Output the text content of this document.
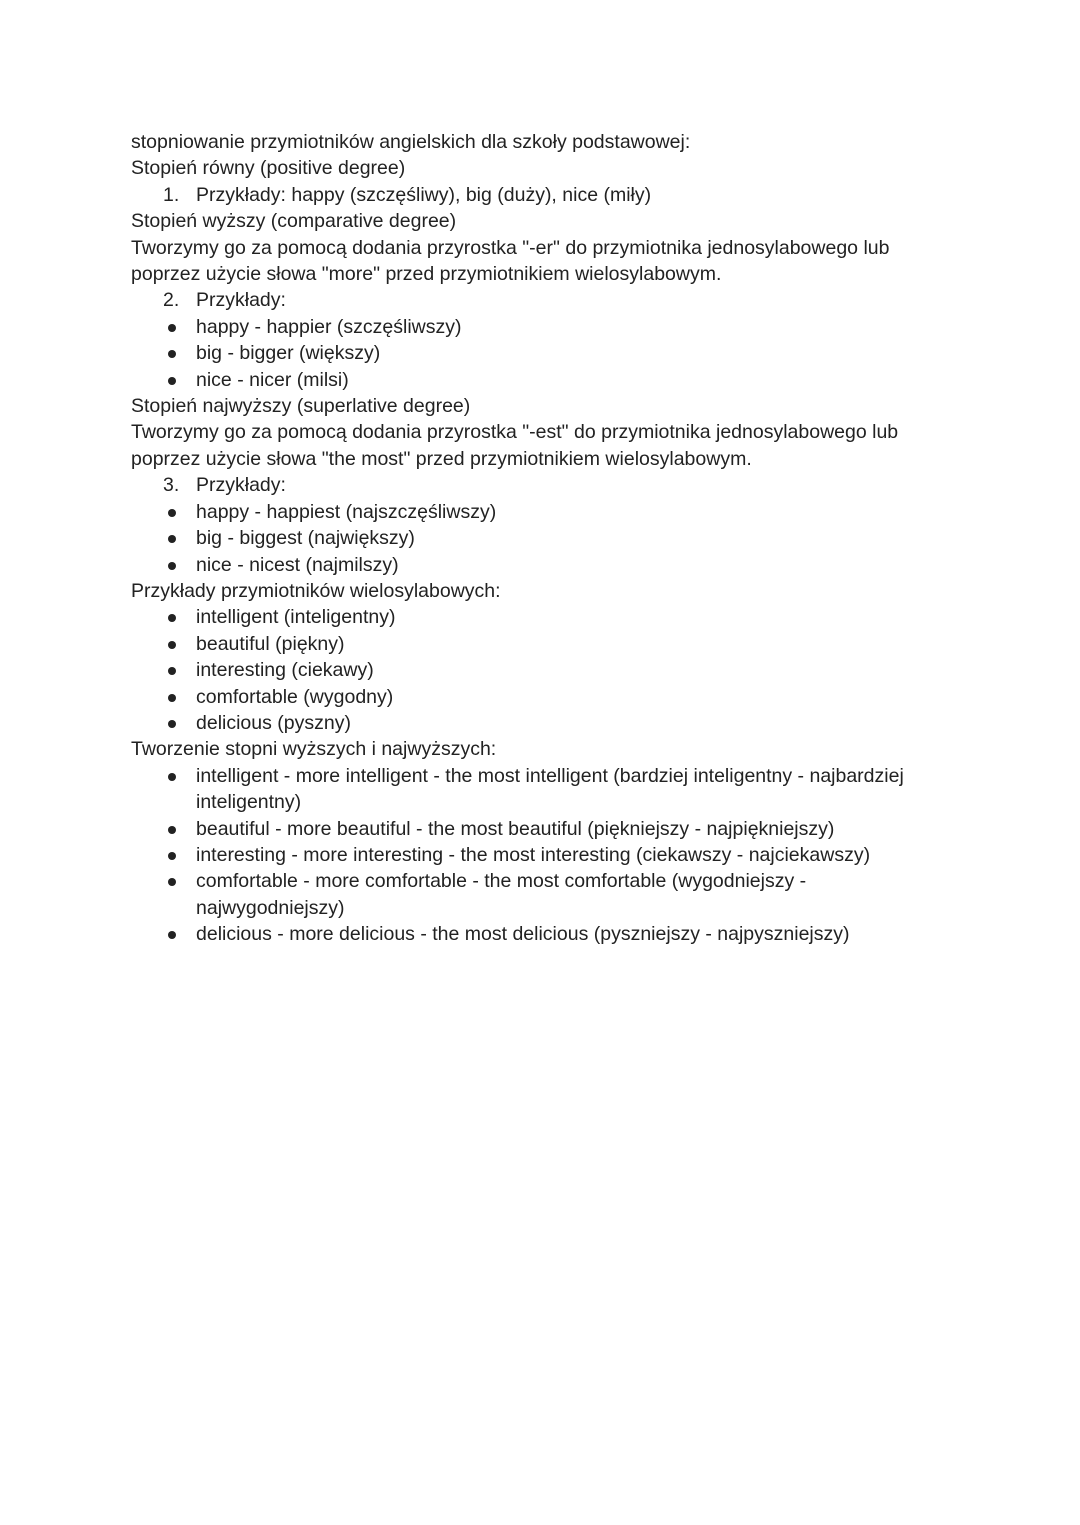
stopniowanie przymiotników angielskich dla szkoły podstawowej:

Stopień równy (positive degree)

1. Przykłady: happy (szczęśliwy), big (duży), nice (miły)

Stopień wyższy (comparative degree)

Tworzymy go za pomocą dodania przyrostka "-er" do przymiotnika jednosylabowego lub

poprzez użycie słowa "more" przed przymiotnikiem wielosylabowym.

2. Przykłady:

happy - happier (szczęśliwszy)

big - bigger (większy)

nice - nicer (milsi)

Stopień najwyższy (superlative degree)

Tworzymy go za pomocą dodania przyrostka "-est" do przymiotnika jednosylabowego lub

poprzez użycie słowa "the most" przed przymiotnikiem wielosylabowym.

3. Przykłady:

happy - happiest (najszczęśliwszy)

big - biggest (największy)

nice - nicest (najmilszy)

Przykłady przymiotników wielosylabowych:

intelligent (inteligentny)

beautiful (piękny)

interesting (ciekawy)

comfortable (wygodny)

delicious (pyszny)

Tworzenie stopni wyższych i najwyższych:

intelligent - more intelligent - the most intelligent (bardziej inteligentny - najbardziej inteligentny)

beautiful - more beautiful - the most beautiful (piękniejszy - najpiękniejszy)

interesting - more interesting - the most interesting (ciekawszy - najciekawszy)

comfortable - more comfortable - the most comfortable (wygodniejszy - najwygodniejszy)

delicious - more delicious - the most delicious (pyszniejszy - najpyszniejszy)
